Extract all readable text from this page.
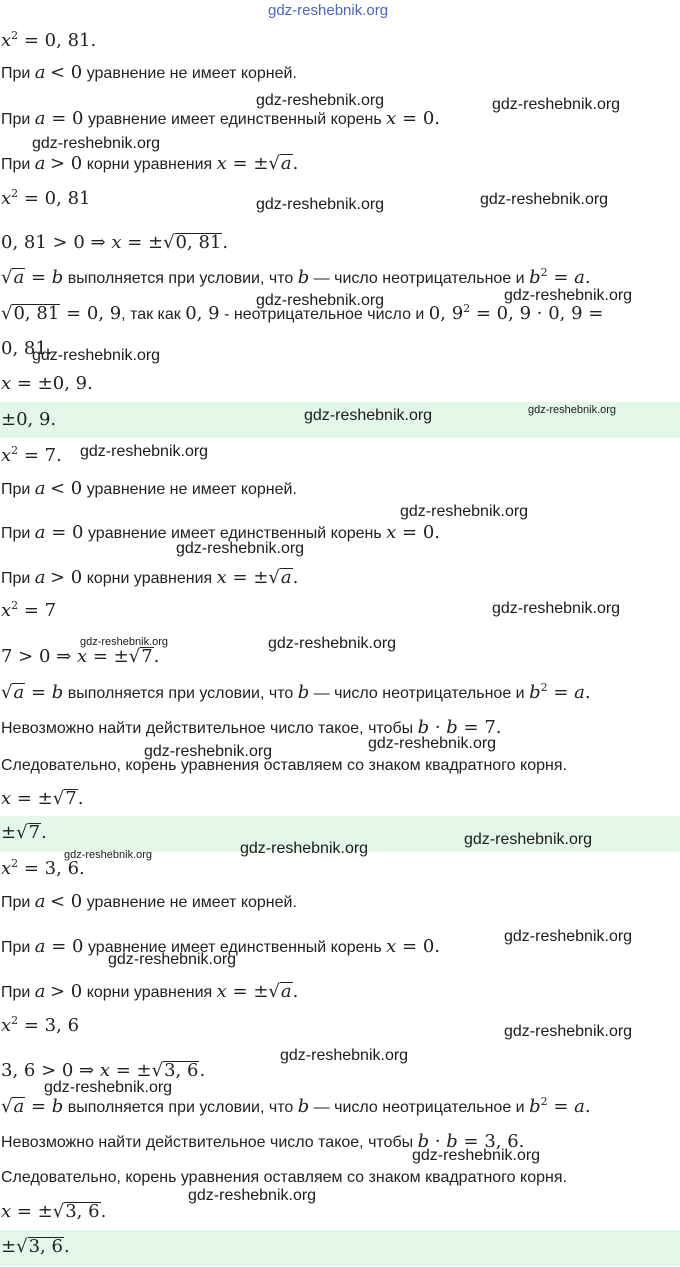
gdz-reshebnik.org
$x^2 = 0$, 81.
При a < 0 уравнение не имеет корней.
При a = 0 уравнение имеет единственный корень x = 0.
При a > 0 корни уравнения x = ±√a.
$x^2 = 0$, 81
0, 81 > 0 ⇒ x = ±√0, 81.
√a = b выполняется при условии, что b — число неотрицательное и $b^2 = a$.
√0, 81 = 0, 9, так как 0, 9 - неотрицательное число и 0, $9^2 = 0$, 9 · 0, 9 =
0, 81.
x = ±0, 9.
±0, 9.
$x^2 = 7$.
При a < 0 уравнение не имеет корней.
При a = 0 уравнение имеет единственный корень x = 0.
При a > 0 корни уравнения x = ±√a.
$x^2 = 7$
7 > 0 ⇒ x = ±√7.
√a = b выполняется при условии, что b — число неотрицательное и $b^2 = a$.
Невозможно найти действительное число такое, чтобы b · b = 7.
Следовательно, корень уравнения оставляем со знаком квадратного корня.
x = ±√7.
±√7.
$x^2 = 3$, 6.
При a < 0 уравнение не имеет корней.
При a = 0 уравнение имеет единственный корень x = 0.
При a > 0 корни уравнения x = ±√a.
$x^2 = 3$, 6
3, 6 > 0 ⇒ x = ±√3, 6.
√a = b выполняется при условии, что b — число неотрицательное и $b^2 = a$.
Невозможно найти действительное число такое, чтобы b · b = 3, 6.
Следовательно, корень уравнения оставляем со знаком квадратного корня.
x = ±√3, 6.
±√3, 6.
gdz-reshebnik.org	gdz-reshebnik.org
gdz-reshebnik.org
gdz-reshebnik.org	gdz-reshebnik.org
gdz-reshebnik.org	gdz-reshebnik.org
gdz-reshebnik.org
gdz-reshebnik.org	gdz-reshebnik.org
gdz-reshebnik.org
gdz-reshebnik.org
gdz-reshebnik.org
gdz-reshebnik.org
gdz-reshebnik.org	gdz-reshebnik.org
gdz-reshebnik.org	gdz-reshebnik.org
gdz-reshebnik.org
gdz-reshebnik.org
gdz-reshebnik.org
gdz-reshebnik.org
gdz-reshebnik.org
gdz-reshebnik.org
gdz-reshebnik.org
gdz-reshebnik.org
gdz-reshebnik.org
gdz-reshebnik.org
